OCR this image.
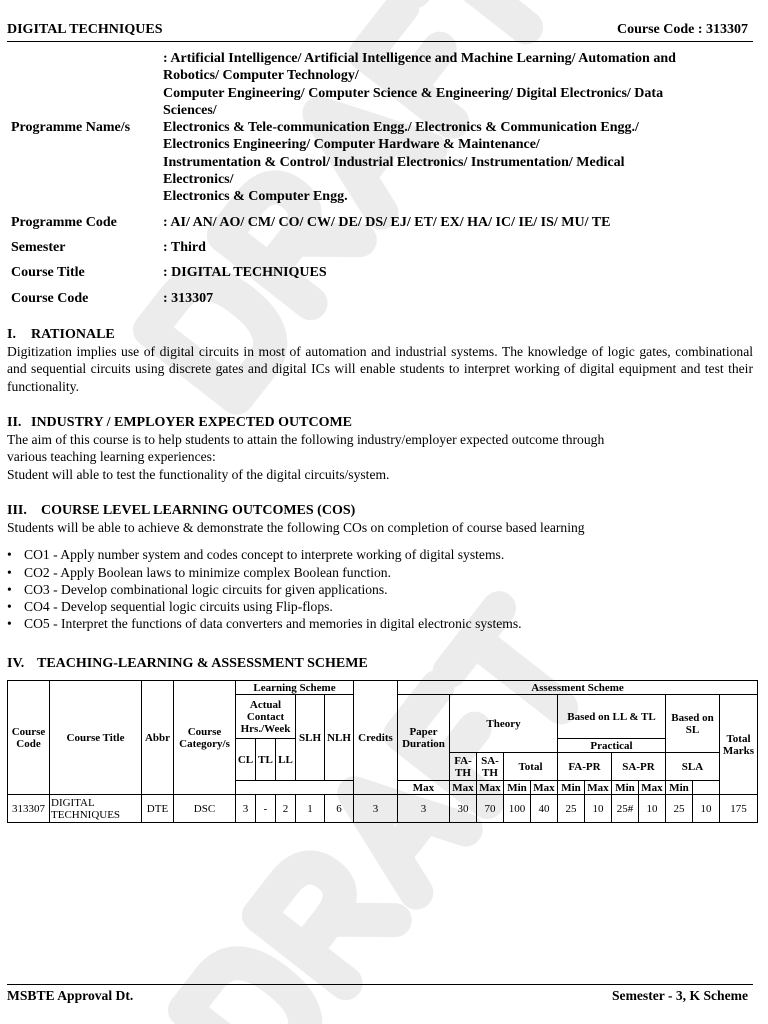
DIGITAL TECHNIQUES	Course Code : 313307
Programme Name/s
: Artificial Intelligence/ Artificial Intelligence and Machine Learning/ Automation and
Robotics/ Computer Technology/
Computer Engineering/ Computer Science & Engineering/ Digital Electronics/ Data
Sciences/
Electronics & Tele-communication Engg./ Electronics & Communication Engg./
Electronics Engineering/ Computer Hardware & Maintenance/
Instrumentation & Control/ Industrial Electronics/ Instrumentation/ Medical
Electronics/
Electronics & Computer Engg.
Programme Code	: AI/ AN/ AO/ CM/ CO/ CW/ DE/ DS/ EJ/ ET/ EX/ HA/ IC/ IE/ IS/ MU/ TE
Semester	: Third
Course Title	: DIGITAL TECHNIQUES
Course Code	: 313307
I. RATIONALE
Digitization implies use of digital circuits in most of automation and industrial systems. The knowledge of logic gates, combinational and sequential circuits using discrete gates and digital ICs will enable students to interpret working of digital equipment and test their functionality.
II. INDUSTRY / EMPLOYER EXPECTED OUTCOME
The aim of this course is to help students to attain the following industry/employer expected outcome through
various teaching learning experiences:
Student will able to test the functionality of the digital circuits/system.
III. COURSE LEVEL LEARNING OUTCOMES (COS)
Students will be able to achieve & demonstrate the following COs on completion of course based learning
• CO1 - Apply number system and codes concept to interprete working of digital systems.
• CO2 - Apply Boolean laws to minimize complex Boolean function.
• CO3 - Develop combinational logic circuits for given applications.
• CO4 - Develop sequential logic circuits using Flip-flops.
• CO5 - Interpret the functions of data converters and memories in digital electronic systems.
IV. TEACHING-LEARNING & ASSESSMENT SCHEME
Course Code	Course Title	Abbr	Course Category/s	Learning Scheme					Credits	Assessment Scheme											
				Actual Contact Hrs./Week			SLH	NLH		Paper Duration	Theory				Based on LL & TL				Based on SL		Total Marks
				CL	TL	LL									Practical						
											FA-TH	SA-TH	Total		FA-PR		SA-PR		SLA		
										Max	Max	Max	Min	Max	Min	Max	Min	Max	Min		
313307	DIGITAL TECHNIQUES	DTE	DSC	3	-	2	1	6	3	3	30	70	100	40	25	10	25#	10	25	10	175
MSBTE Approval Dt.	Semester - 3, K Scheme
